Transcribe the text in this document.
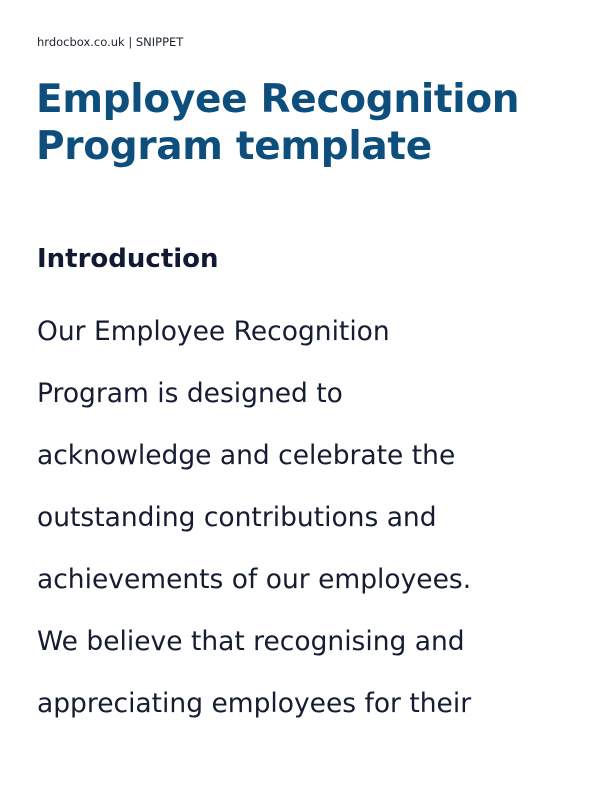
hrdocbox.co.uk | SNIPPET
Employee Recognition
Program template
Introduction

Our Employee Recognition
Program is designed to
acknowledge and celebrate the
outstanding contributions and
achievements of our employees.
We believe that recognising and
appreciating employees for their
